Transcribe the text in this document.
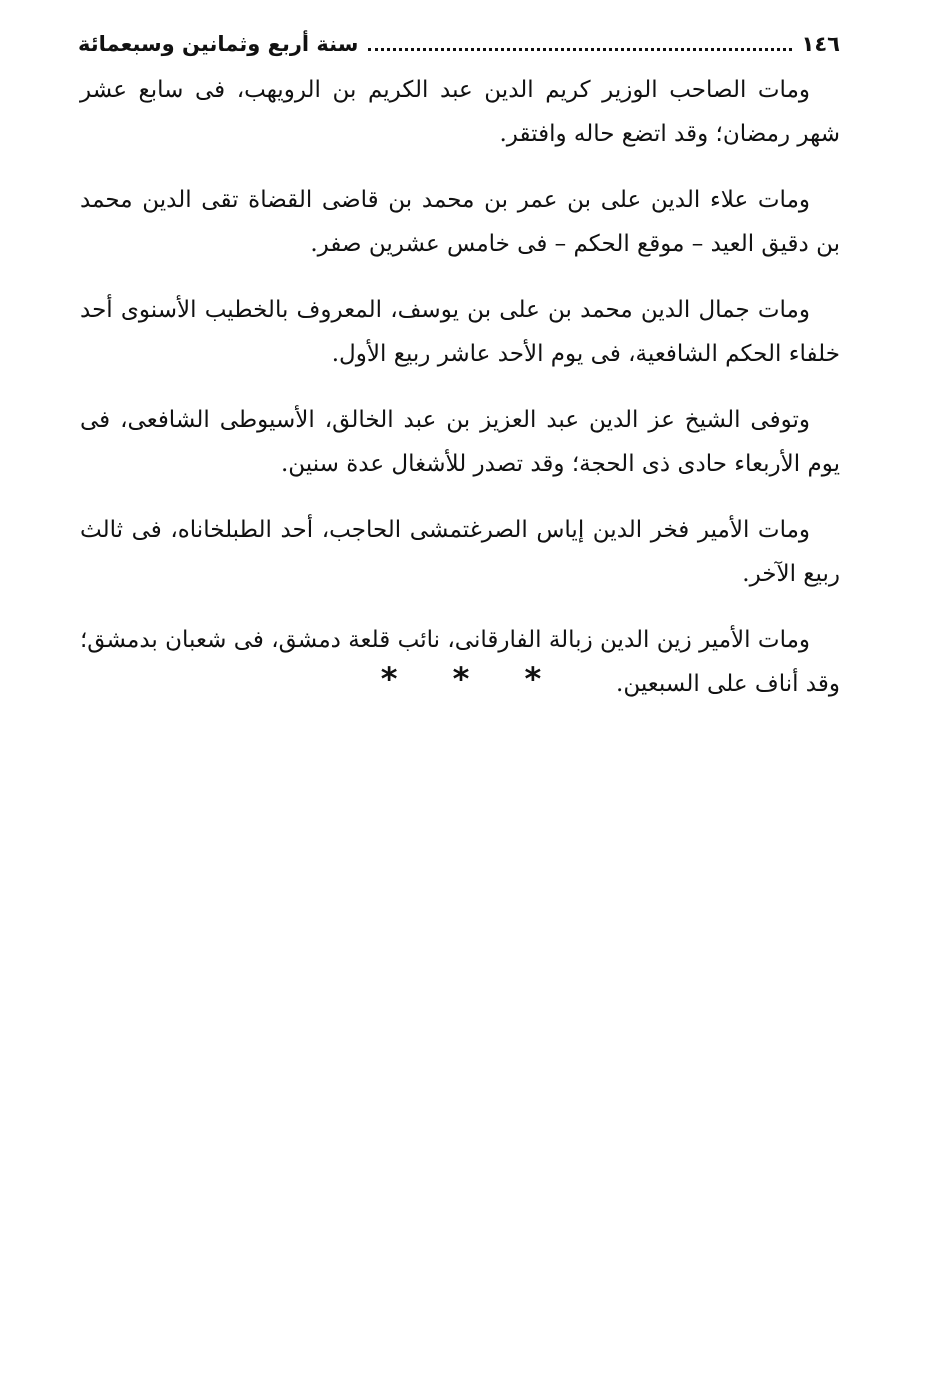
١٤٦
سنة أربع وثمانين وسبعمائة

ومات الصاحب الوزير كريم الدين عبد الكريم بن الرويهب، فى سابع عشر شهر رمضان؛ وقد اتضع حاله وافتقر.

ومات علاء الدين على بن عمر بن محمد بن قاضى القضاة تقى الدين محمد بن دقيق العيد – موقع الحكم – فى خامس عشرين صفر.

ومات جمال الدين محمد بن على بن يوسف، المعروف بالخطيب الأسنوى أحد خلفاء الحكم الشافعية، فى يوم الأحد عاشر ربيع الأول.

وتوفى الشيخ عز الدين عبد العزيز بن عبد الخالق، الأسيوطى الشافعى، فى يوم الأربعاء حادى ذى الحجة؛ وقد تصدر للأشغال عدة سنين.

ومات الأمير فخر الدين إياس الصرغتمشى الحاجب، أحد الطبلخاناه، فى ثالث ربيع الآخر.

ومات الأمير زين الدين زبالة الفارقانى، نائب قلعة دمشق، فى شعبان بدمشق؛ وقد أناف على السبعين.

* * *
